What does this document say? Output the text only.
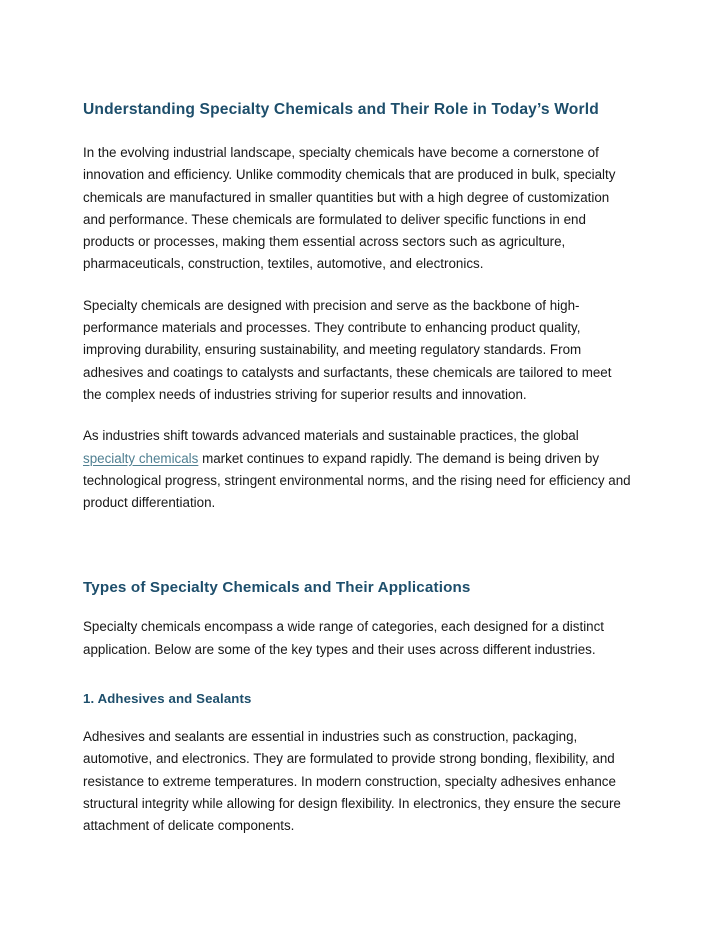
Understanding Specialty Chemicals and Their Role in Today’s World

In the evolving industrial landscape, specialty chemicals have become a cornerstone of innovation and efficiency. Unlike commodity chemicals that are produced in bulk, specialty chemicals are manufactured in smaller quantities but with a high degree of customization and performance. These chemicals are formulated to deliver specific functions in end products or processes, making them essential across sectors such as agriculture, pharmaceuticals, construction, textiles, automotive, and electronics.

Specialty chemicals are designed with precision and serve as the backbone of high-performance materials and processes. They contribute to enhancing product quality, improving durability, ensuring sustainability, and meeting regulatory standards. From adhesives and coatings to catalysts and surfactants, these chemicals are tailored to meet the complex needs of industries striving for superior results and innovation.

As industries shift towards advanced materials and sustainable practices, the global specialty chemicals market continues to expand rapidly. The demand is being driven by technological progress, stringent environmental norms, and the rising need for efficiency and product differentiation.

Types of Specialty Chemicals and Their Applications

Specialty chemicals encompass a wide range of categories, each designed for a distinct application. Below are some of the key types and their uses across different industries.

1. Adhesives and Sealants

Adhesives and sealants are essential in industries such as construction, packaging, automotive, and electronics. They are formulated to provide strong bonding, flexibility, and resistance to extreme temperatures. In modern construction, specialty adhesives enhance structural integrity while allowing for design flexibility. In electronics, they ensure the secure attachment of delicate components.
